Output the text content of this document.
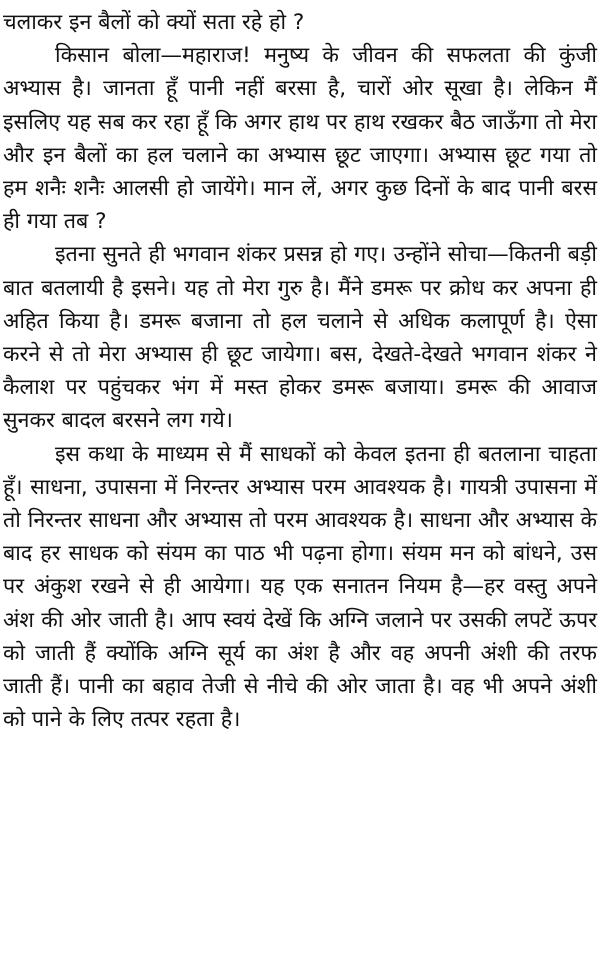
चलाकर इन बैलों को क्यों सता रहे हो ?

किसान बोला—महाराज! मनुष्य के जीवन की सफलता की कुंजी अभ्यास है। जानता हूँ पानी नहीं बरसा है, चारों ओर सूखा है। लेकिन मैं इसलिए यह सब कर रहा हूँ कि अगर हाथ पर हाथ रखकर बैठ जाऊँगा तो मेरा और इन बैलों का हल चलाने का अभ्यास छूट जाएगा। अभ्यास छूट गया तो हम शनैः शनैः आलसी हो जायेंगे। मान लें, अगर कुछ दिनों के बाद पानी बरस ही गया तब ?

इतना सुनते ही भगवान शंकर प्रसन्न हो गए। उन्होंने सोचा—कितनी बड़ी बात बतलायी है इसने। यह तो मेरा गुरु है। मैंने डमरू पर क्रोध कर अपना ही अहित किया है। डमरू बजाना तो हल चलाने से अधिक कलापूर्ण है। ऐसा करने से तो मेरा अभ्यास ही छूट जायेगा। बस, देखते-देखते भगवान शंकर ने कैलाश पर पहुंचकर भंग में मस्त होकर डमरू बजाया। डमरू की आवाज सुनकर बादल बरसने लग गये।

इस कथा के माध्यम से मैं साधकों को केवल इतना ही बतलाना चाहता हूँ। साधना, उपासना में निरन्तर अभ्यास परम आवश्यक है। गायत्री उपासना में तो निरन्तर साधना और अभ्यास तो परम आवश्यक है। साधना और अभ्यास के बाद हर साधक को संयम का पाठ भी पढ़ना होगा। संयम मन को बांधने, उस पर अंकुश रखने से ही आयेगा। यह एक सनातन नियम है—हर वस्तु अपने अंश की ओर जाती है। आप स्वयं देखें कि अग्नि जलाने पर उसकी लपटें ऊपर को जाती हैं क्योंकि अग्नि सूर्य का अंश है और वह अपनी अंशी की तरफ जाती हैं। पानी का बहाव तेजी से नीचे की ओर जाता है। वह भी अपने अंशी को पाने के लिए तत्पर रहता है।
